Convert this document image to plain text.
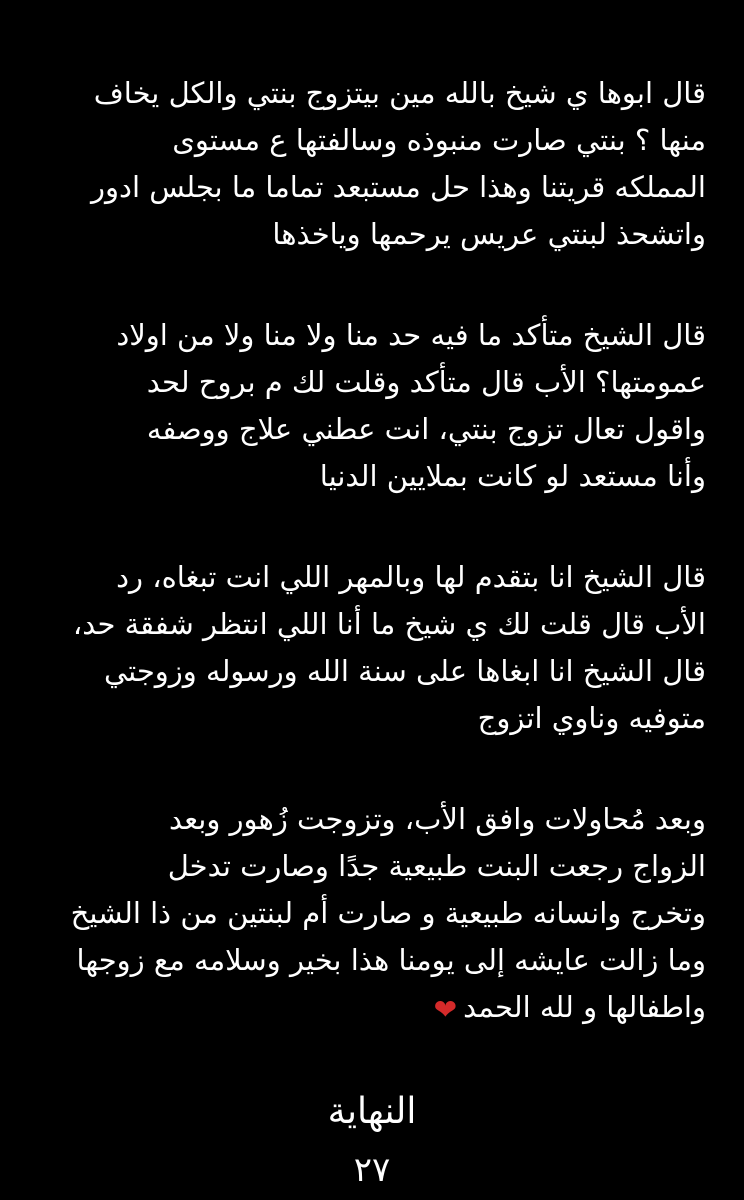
قال ابوها ي شيخ بالله مين بيتزوج بنتي والكل يخاف
منها ؟ بنتي صارت منبوذه وسالفتها ع مستوى
المملكه قريتنا وهذا حل مستبعد تماما ما بجلس ادور
واتشحذ لبنتي عريس يرحمها وياخذها
قال الشيخ متأكد ما فيه حد منا ولا منا ولا من اولاد
عمومتها؟ الأب قال متأكد وقلت لك م بروح لحد
واقول تعال تزوج بنتي، انت عطني علاج ووصفه
وأنا مستعد لو كانت بملايين الدنيا
قال الشيخ انا بتقدم لها وبالمهر اللي انت تبغاه، رد
الأب قال قلت لك ي شيخ ما أنا اللي انتظر شفقة حد،
قال الشيخ انا ابغاها على سنة الله ورسوله وزوجتي
متوفيه وناوي اتزوج
وبعد مُحاولات وافق الأب، وتزوجت زُهور وبعد
الزواج رجعت البنت طبيعية جدًا وصارت تدخل
وتخرج وانسانه طبيعية و صارت أم لبنتين من ذا الشيخ
وما زالت عايشه إلى يومنا هذا بخير وسلامه مع زوجها
واطفالها و لله الحمد❤
النهاية
٢٧
